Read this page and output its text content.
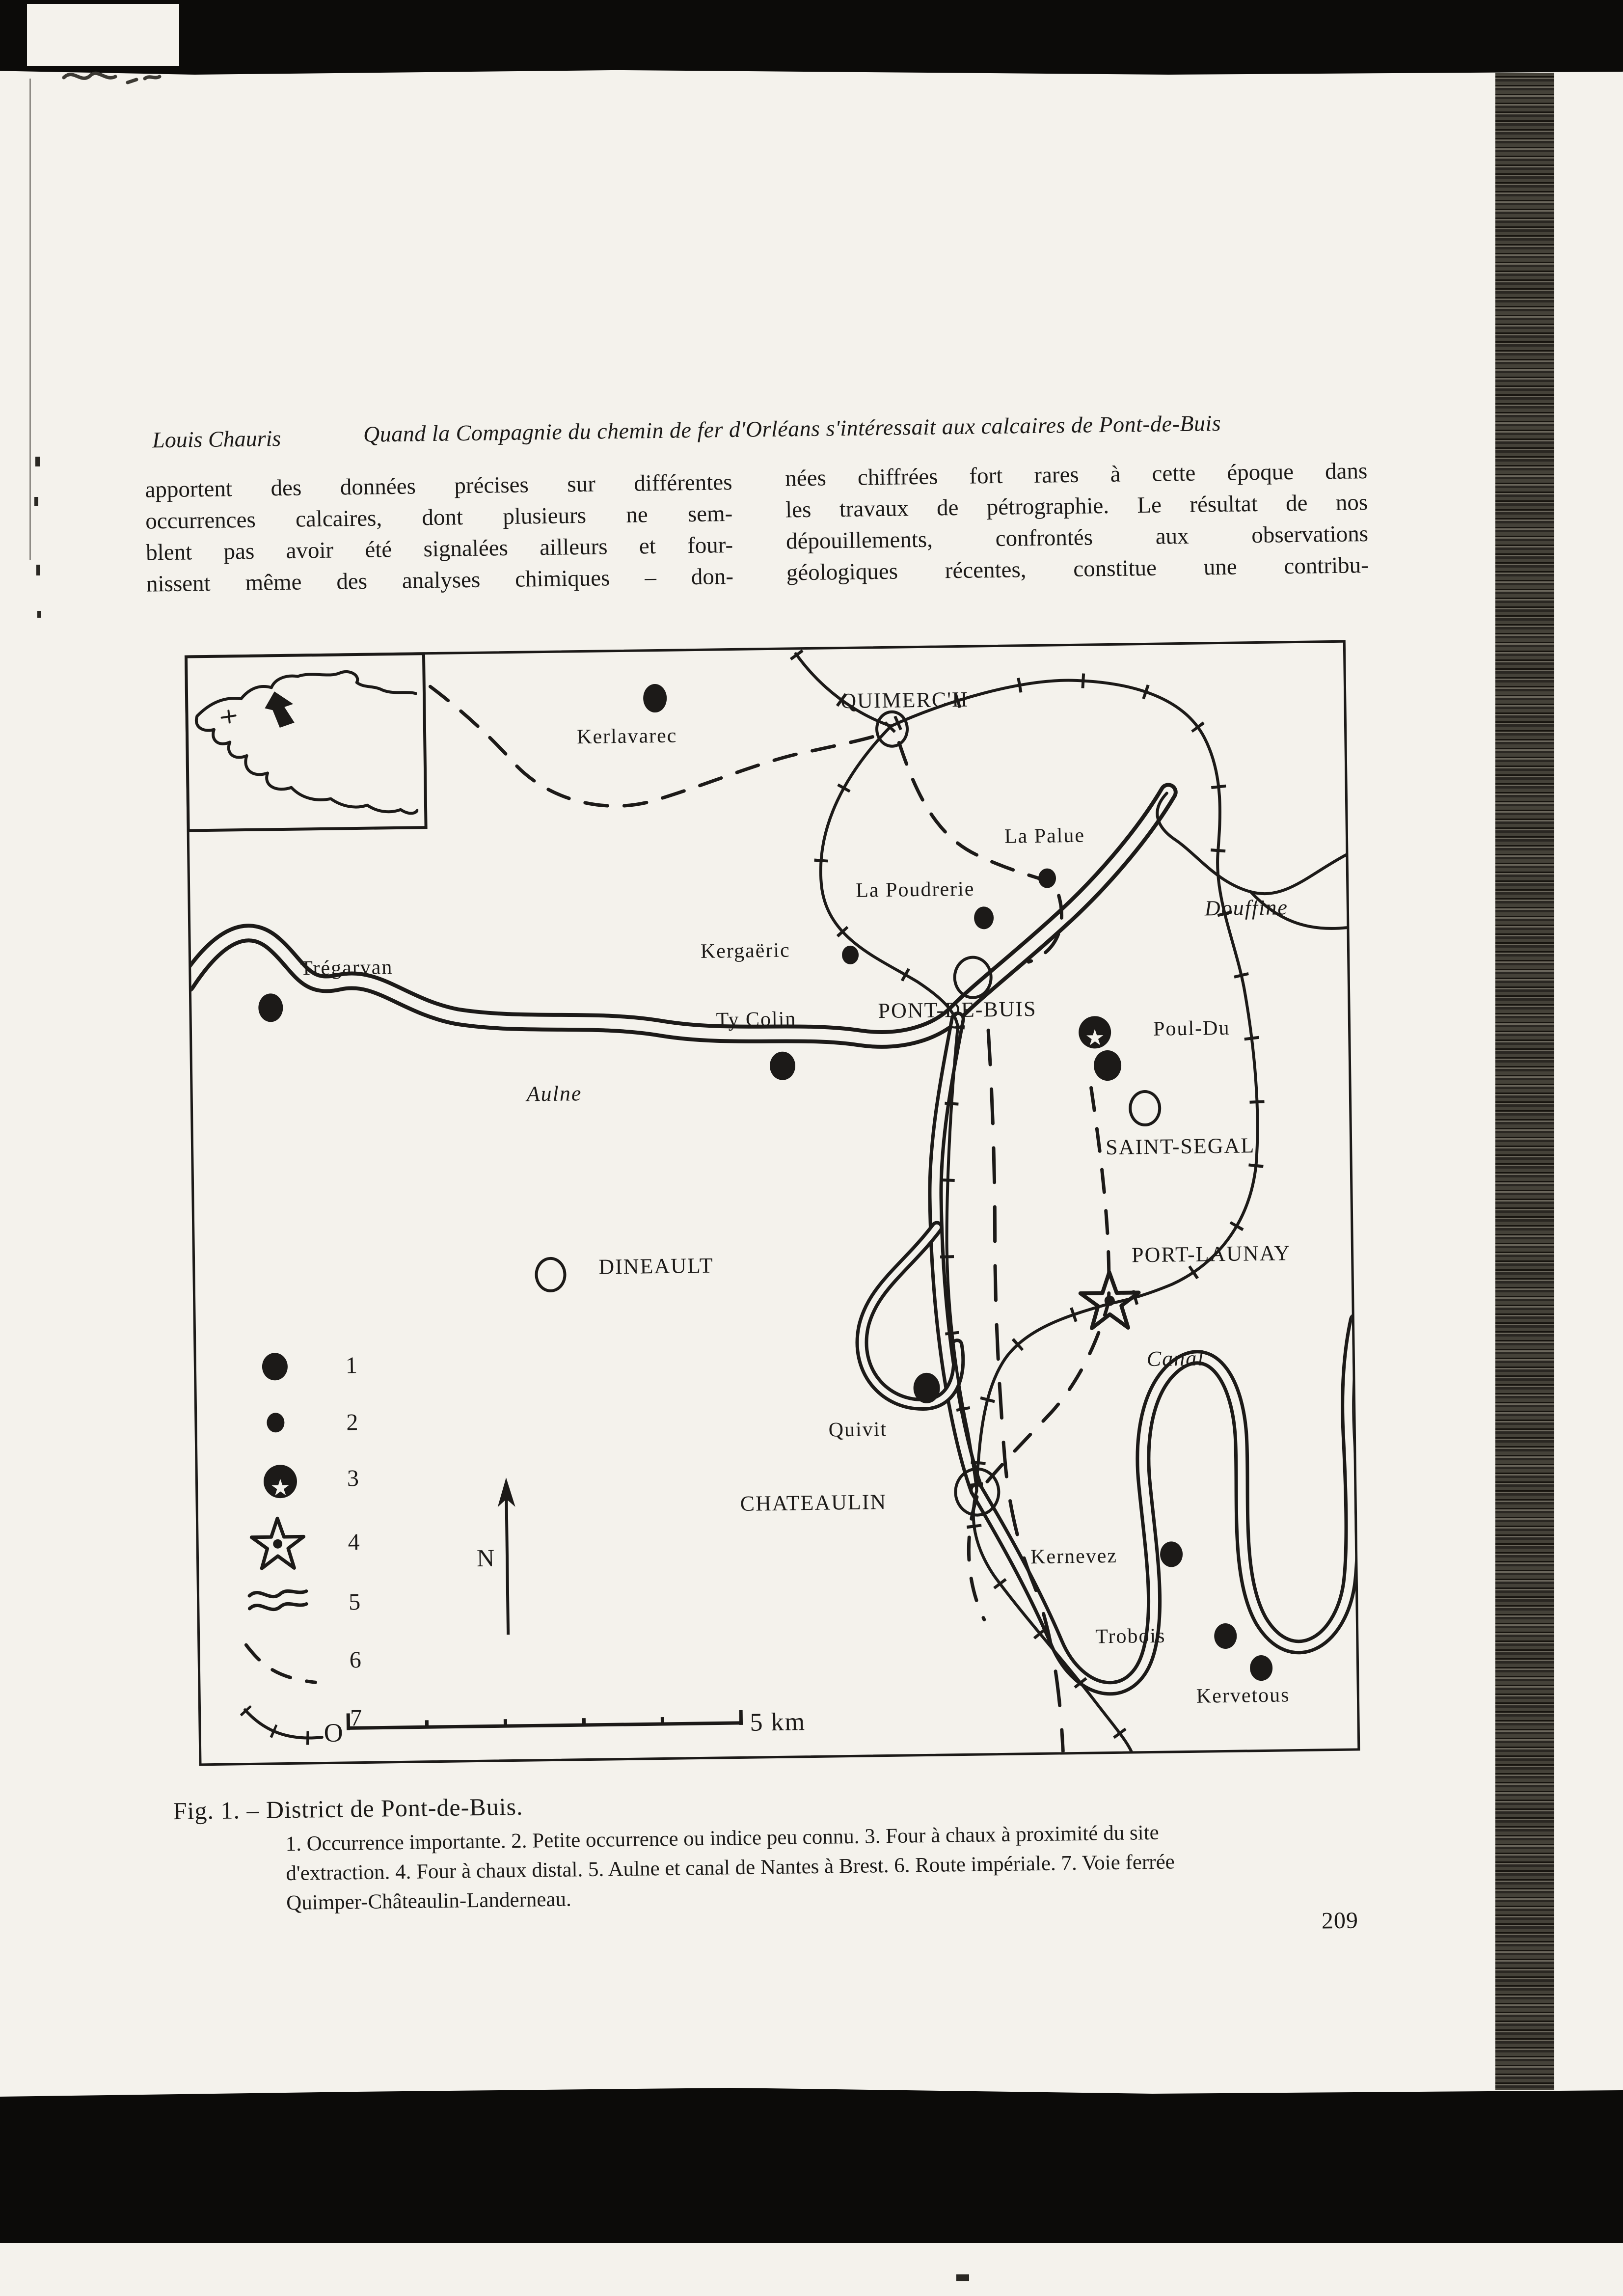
Louis Chauris	Quand la Compagnie du chemin de fer d'Orléans s'intéressait aux calcaires de Pont-de-Buis
apportent des données précises sur différentes
occurrences calcaires, dont plusieurs ne sem-
blent pas avoir été signalées ailleurs et four-
nissent même des analyses chimiques – don-
nées chiffrées fort rares à cette époque dans
les travaux de pétrographie. Le résultat de nos
dépouillements, confrontés aux observations
géologiques récentes, constitue une contribu-
QUIMERC'H
PONT-DE-BUIS
SAINT-SEGAL
DINEAULT	PORT-LAUNAY
CHATEAULIN
Kerlavarec
La Palue
La Poudrerie
Kergaëric
Trégarvan
Ty Colin	Poul-Du
★
Quivit
Kernevez
Trobois
Kervetous
Aulne
Douffine
Canal
1
2
★
3
4
5
6
7
N
O	5 km
Fig. 1. – District de Pont-de-Buis.
1. Occurrence importante. 2. Petite occurrence ou indice peu connu. 3. Four à chaux à proximité du site
d'extraction. 4. Four à chaux distal. 5. Aulne et canal de Nantes à Brest. 6. Route impériale. 7. Voie ferrée
Quimper-Châteaulin-Landerneau.
209
